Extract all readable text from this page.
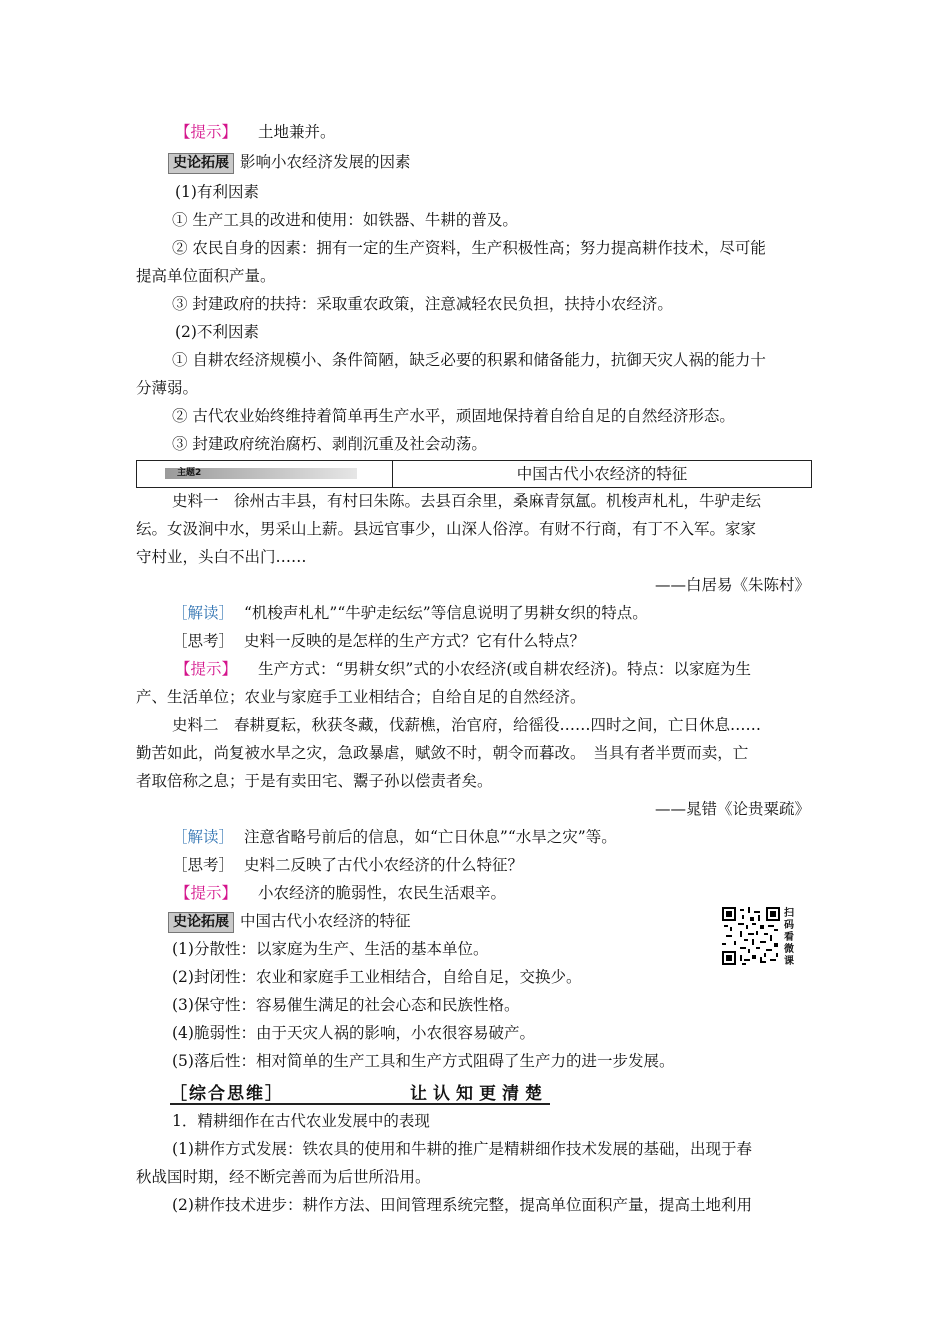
【提示】 土地兼并。
史论拓展 影响小农经济发展的因素
(1)有利因素
① 生产工具的改进和使用：如铁器、牛耕的普及。
② 农民自身的因素：拥有一定的生产资料，生产积极性高；努力提高耕作技术，尽可能
提高单位面积产量。
③ 封建政府的扶持：采取重农政策，注意减轻农民负担，扶持小农经济。
(2)不利因素
① 自耕农经济规模小、条件简陋，缺乏必要的积累和储备能力，抗御天灾人祸的能力十
分薄弱。
② 古代农业始终维持着简单再生产水平，顽固地保持着自给自足的自然经济形态。
③ 封建政府统治腐朽、剥削沉重及社会动荡。
主题2	中国古代小农经济的特征
史料一　徐州古丰县，有村曰朱陈。去县百余里，桑麻青氛氲。机梭声札札，牛驴走纭
纭。女汲涧中水，男采山上薪。县远官事少，山深人俗淳。有财不行商，有丁不入军。家家
守村业，头白不出门……
——白居易《朱陈村》
［解读］ “机梭声札札”“牛驴走纭纭”等信息说明了男耕女织的特点。
［思考］ 史料一反映的是怎样的生产方式？它有什么特点？
【提示】 生产方式：“男耕女织”式的小农经济(或自耕农经济)。特点：以家庭为生
产、生活单位；农业与家庭手工业相结合；自给自足的自然经济。
史料二　春耕夏耘，秋获冬藏，伐薪樵，治官府，给徭役……四时之间，亡日休息……
勤苦如此，尚复被水旱之灾，急政暴虐，赋敛不时，朝令而暮改。　当具有者半贾而卖，亡
者取倍称之息；于是有卖田宅、鬻子孙以偿责者矣。
——晁错《论贵粟疏》
［解读］ 注意省略号前后的信息，如“亡日休息”“水旱之灾”等。
［思考］ 史料二反映了古代小农经济的什么特征？
【提示】 小农经济的脆弱性，农民生活艰辛。
史论拓展 中国古代小农经济的特征
(1)分散性：以家庭为生产、生活的基本单位。
(2)封闭性：农业和家庭手工业相结合，自给自足，交换少。
(3)保守性：容易催生满足的社会心态和民族性格。
(4)脆弱性：由于天灾人祸的影响，小农很容易破产。
(5)落后性：相对简单的生产工具和生产方式阻碍了生产力的进一步发展。
扫码看微课
［综合思维］	让认知更清楚
1．精耕细作在古代农业发展中的表现
(1)耕作方式发展：铁农具的使用和牛耕的推广是精耕细作技术发展的基础，出现于春
秋战国时期，经不断完善而为后世所沿用。
(2)耕作技术进步：耕作方法、田间管理系统完整，提高单位面积产量，提高土地利用
